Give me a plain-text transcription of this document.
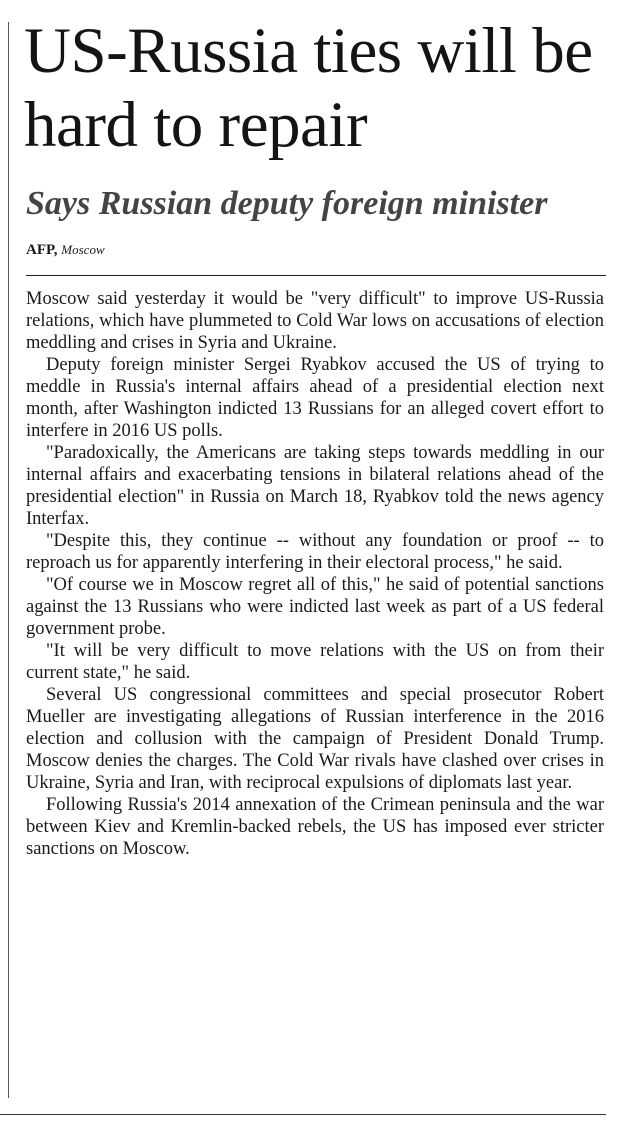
US-Russia ties will be hard to repair
Says Russian deputy foreign minister
AFP, Moscow

Moscow said yesterday it would be "very difficult" to improve US-Russia relations, which have plummeted to Cold War lows on accusations of election meddling and crises in Syria and Ukraine.

Deputy foreign minister Sergei Ryabkov accused the US of trying to meddle in Russia's internal affairs ahead of a presidential election next month, after Washington indicted 13 Russians for an alleged covert effort to interfere in 2016 US polls.

"Paradoxically, the Americans are taking steps towards meddling in our internal affairs and exacerbating tensions in bilateral relations ahead of the presidential election" in Russia on March 18, Ryabkov told the news agency Interfax.

"Despite this, they continue -- without any foundation or proof -- to reproach us for apparently interfering in their electoral process," he said.

"Of course we in Moscow regret all of this," he said of potential sanctions against the 13 Russians who were indicted last week as part of a US federal government probe.

"It will be very difficult to move relations with the US on from their current state," he said.

Several US congressional committees and special prosecutor Robert Mueller are investigating allegations of Russian interference in the 2016 election and collusion with the campaign of President Donald Trump. Moscow denies the charges. The Cold War rivals have clashed over crises in Ukraine, Syria and Iran, with reciprocal expulsions of diplomats last year.

Following Russia's 2014 annexation of the Crimean peninsula and the war between Kiev and Kremlin-backed rebels, the US has imposed ever stricter sanctions on Moscow.
